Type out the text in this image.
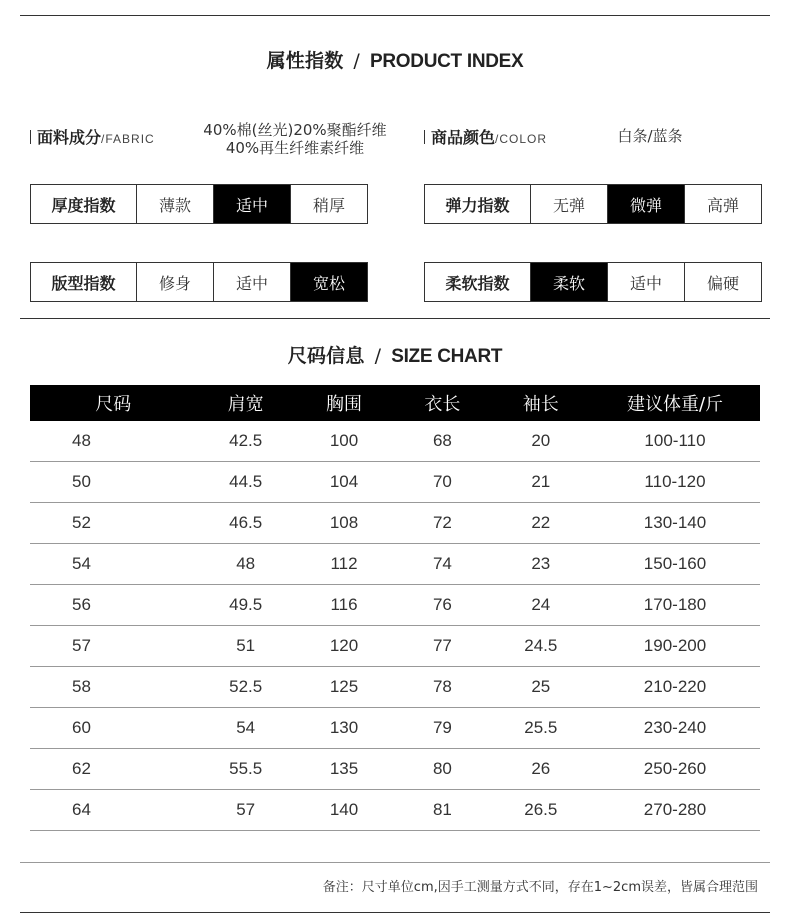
属性指数 / PRODUCT INDEX
面料成分/FABRIC	40%棉(丝光)20%聚酯纤维
40%再生纤维素纤维
商品颜色/COLOR	白条/蓝条
厚度指数	薄款	适中	稍厚	弹力指数	无弹	微弹	高弹
版型指数	修身	适中	宽松	柔软指数	柔软	适中	偏硬
尺码信息 / SIZE CHART
尺码	肩宽	胸围	衣长	袖长	建议体重/斤
48	42.5	100	68	20	100-110
50	44.5	104	70	21	110-120
52	46.5	108	72	22	130-140
54	48	112	74	23	150-160
56	49.5	116	76	24	170-180
57	51	120	77	24.5	190-200
58	52.5	125	78	25	210-220
60	54	130	79	25.5	230-240
62	55.5	135	80	26	250-260
64	57	140	81	26.5	270-280
备注：尺寸单位cm,因手工测量方式不同，存在1~2cm误差，皆属合理范围
